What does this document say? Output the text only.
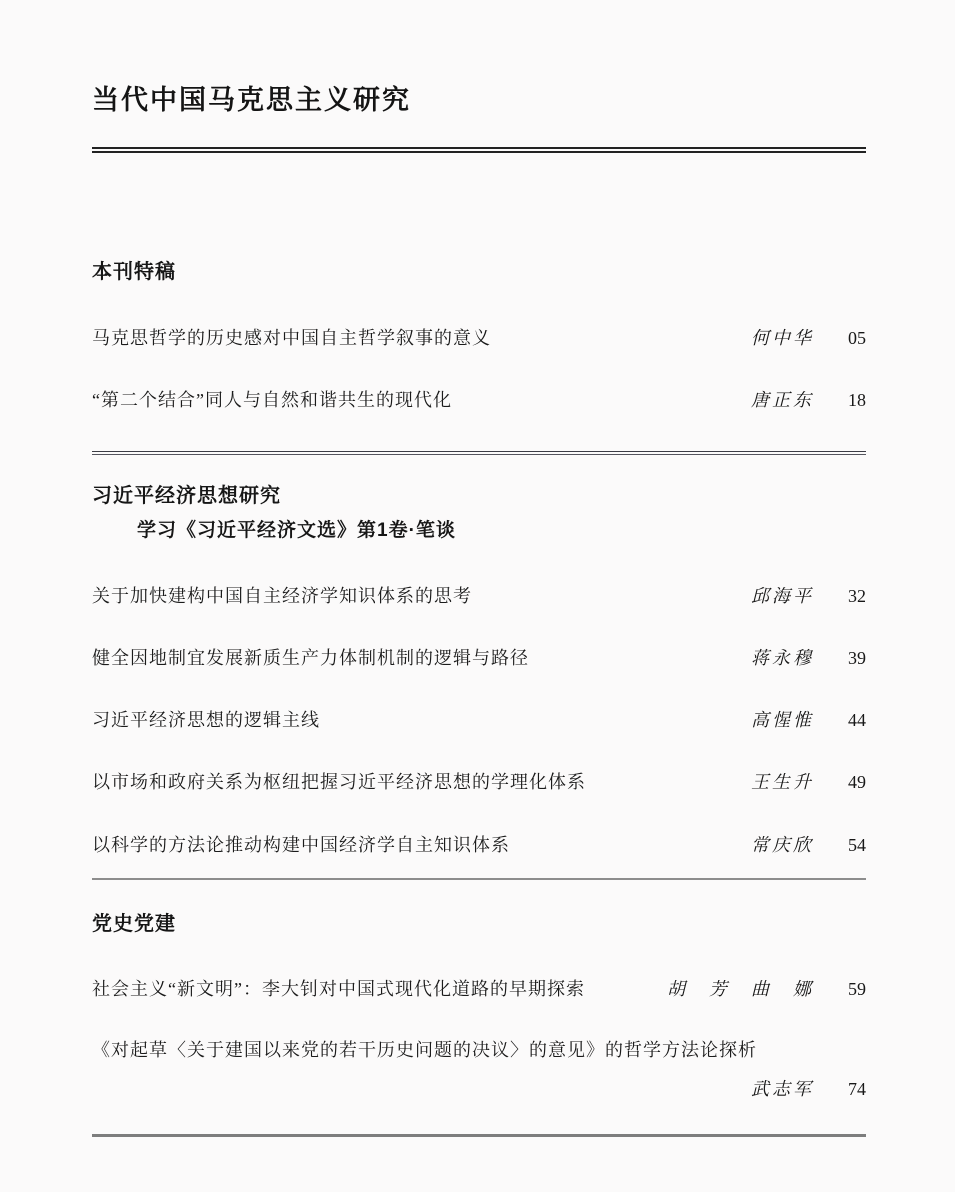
当代中国马克思主义研究
本刊特稿
马克思哲学的历史感对中国自主哲学叙事的意义	何中华	05
“第二个结合”同人与自然和谐共生的现代化	唐正东	18
习近平经济思想研究
学习《习近平经济文选》第1卷·笔谈
关于加快建构中国自主经济学知识体系的思考	邱海平	32
健全因地制宜发展新质生产力体制机制的逻辑与路径	蒋永穆	39
习近平经济思想的逻辑主线	高惺惟	44
以市场和政府关系为枢纽把握习近平经济思想的学理化体系	王生升	49
以科学的方法论推动构建中国经济学自主知识体系	常庆欣	54
党史党建
社会主义“新文明”：李大钊对中国式现代化道路的早期探索	胡　芳　曲　娜	59
《对起草〈关于建国以来党的若干历史问题的决议〉的意见》的哲学方法论探析
武志军	74
